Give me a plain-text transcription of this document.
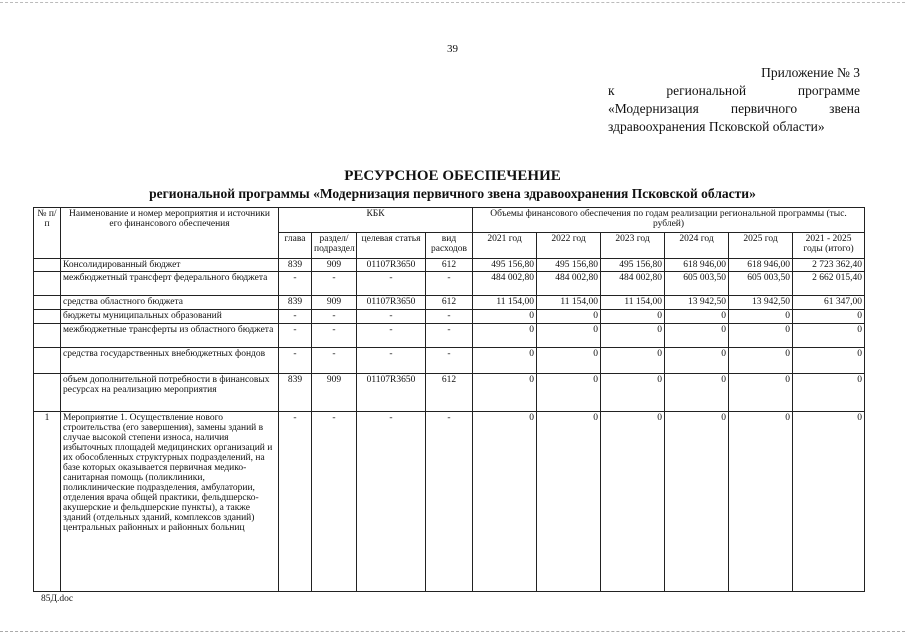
39
Приложение № 3
к	региональной	программе
«Модернизация первичного звена
здравоохранения Псковской области»
РЕСУРСНОЕ ОБЕСПЕЧЕНИЕ
региональной программы «Модернизация первичного звена здравоохранения Псковской области»
№ п/п	Наименование и номер мероприятия и источники его финансового обеспечения	КБК				Объемы финансового обеспечения по годам реализации региональной программы (тыс. рублей)					
		глава	раздел/ подраздел	целевая статья	вид расходов	2021 год	2022 год	2023 год	2024 год	2025 год	2021 - 2025 годы (итого)
	Консолидированный бюджет	839	909	01107R3650	612	495 156,80	495 156,80	495 156,80	618 946,00	618 946,00	2 723 362,40
	межбюджетный трансферт федерального бюджета	-	-	-	-	484 002,80	484 002,80	484 002,80	605 003,50	605 003,50	2 662 015,40
	средства областного бюджета	839	909	01107R3650	612	11 154,00	11 154,00	11 154,00	13 942,50	13 942,50	61 347,00
	бюджеты муниципальных образований	-	-	-	-	0	0	0	0	0	0
	межбюджетные трансферты из областного бюджета	-	-	-	-	0	0	0	0	0	0
	средства государственных внебюджетных фондов	-	-	-	-	0	0	0	0	0	0
	объем дополнительной потребности в финансовых ресурсах на реализацию мероприятия	839	909	01107R3650	612	0	0	0	0	0	0
1	Мероприятие 1. Осуществление нового строительства (его завершения), замены зданий в случае высокой степени износа, наличия избыточных площадей медицинских организаций и их обособленных структурных подразделений, на базе которых оказывается первичная медико-санитарная помощь (поликлиники, поликлинические подразделения, амбулатории, отделения врача общей практики, фельдшерско-акушерские и фельдшерские пункты), а также зданий (отдельных зданий, комплексов зданий) центральных районных и районных больниц	-	-	-	-	0	0	0	0	0	0
85Д.doc
